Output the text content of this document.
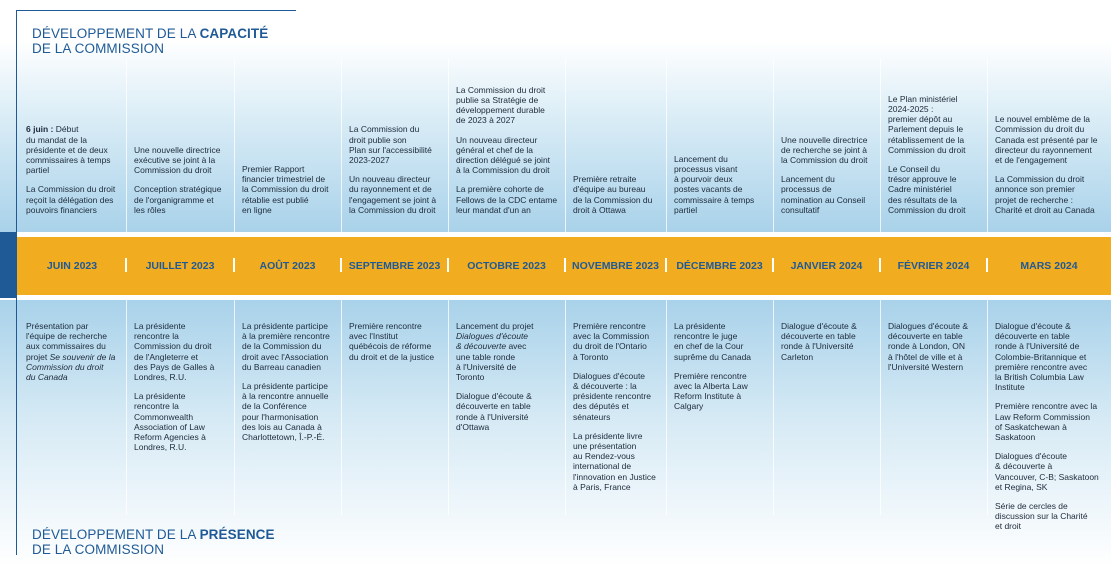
DÉVELOPPEMENT DE LA CAPACITÉ
DE LA COMMISSION
JUIN 2023
6 juin : Début
du mandat de la
présidente et de deux
commissaires à temps
partiel
La Commission du droit
reçoit la délégation des
pouvoirs financiers
Présentation par
l'équipe de recherche
aux commissaires du
projet Se souvenir de la
Commission du droit
du Canada
JUILLET 2023
Une nouvelle directrice
exécutive se joint à la
Commission du droit
Conception stratégique
de l'organigramme et
les rôles
La présidente
rencontre la
Commission du droit
de l'Angleterre et
des Pays de Galles à
Londres, R.U.
La présidente
rencontre la
Commonwealth
Association of Law
Reform Agencies à
Londres, R.U.
AOÛT 2023
Premier Rapport
financier trimestriel de
la Commission du droit
rétablie est publié
en ligne
La présidente participe
à la première rencontre
de la Commission du
droit avec l'Association
du Barreau canadien
La présidente participe
à la rencontre annuelle
de la Conférence
pour l'harmonisation
des lois au Canada à
Charlottetown, Î.-P.-É.
SEPTEMBRE 2023
La Commission du
droit publie son
Plan sur l'accessibilité
2023-2027
Un nouveau directeur
du rayonnement et de
l'engagement se joint à
la Commission du droit
Première rencontre
avec l'Institut
québécois de réforme
du droit et de la justice
OCTOBRE 2023
La Commission du droit
publie sa Stratégie de
développement durable
de 2023 à 2027
Un nouveau directeur
général et chef de la
direction délégué se joint
à la Commission du droit
La première cohorte de
Fellows de la CDC entame
leur mandat d'un an
Lancement du projet
Dialogues d'écoute
& découverte avec
une table ronde
à l'Université de
Toronto
Dialogue d'écoute &
découverte en table
ronde à l'Université
d'Ottawa
NOVEMBRE 2023
Première retraite
d'équipe au bureau
de la Commission du
droit à Ottawa
Première rencontre
avec la Commission
du droit de l'Ontario
à Toronto
Dialogues d'écoute
& découverte : la
présidente rencontre
des députés et
sénateurs
La présidente livre
une présentation
au Rendez-vous
international de
l'innovation en Justice
à Paris, France
DÉCEMBRE 2023
Lancement du
processus visant
à pourvoir deux
postes vacants de
commissaire à temps
partiel
La présidente
rencontre le juge
en chef de la Cour
suprême du Canada
Première rencontre
avec la Alberta Law
Reform Institute à
Calgary
JANVIER 2024
Une nouvelle directrice
de recherche se joint à
la Commission du droit
Lancement du
processus de
nomination au Conseil
consultatif
Dialogue d'écoute &
découverte en table
ronde à l'Université
Carleton
FÉVRIER 2024
Le Plan ministériel
2024-2025 :
premier dépôt au
Parlement depuis le
rétablissement de la
Commission du droit
Le Conseil du
trésor approuve le
Cadre ministériel
des résultats de la
Commission du droit
Dialogues d'écoute &
découverte en table
ronde à London, ON
à l'hôtel de ville et à
l'Université Western
MARS 2024
Le nouvel emblème de la
Commission du droit du
Canada est présenté par le
directeur du rayonnement
et de l'engagement
La Commission du droit
annonce son premier
projet de recherche :
Charité et droit au Canada
Dialogue d'écoute &
découverte en table
ronde à l'Université de
Colombie-Britannique et
première rencontre avec
la British Columbia Law
Institute
Première rencontre avec la
Law Reform Commission
of Saskatchewan à
Saskatoon
Dialogues d'écoute
& découverte à
Vancouver, C-B; Saskatoon
et Regina, SK
Série de cercles de
discussion sur la Charité
et droit
DÉVELOPPEMENT DE LA PRÉSENCE
DE LA COMMISSION
